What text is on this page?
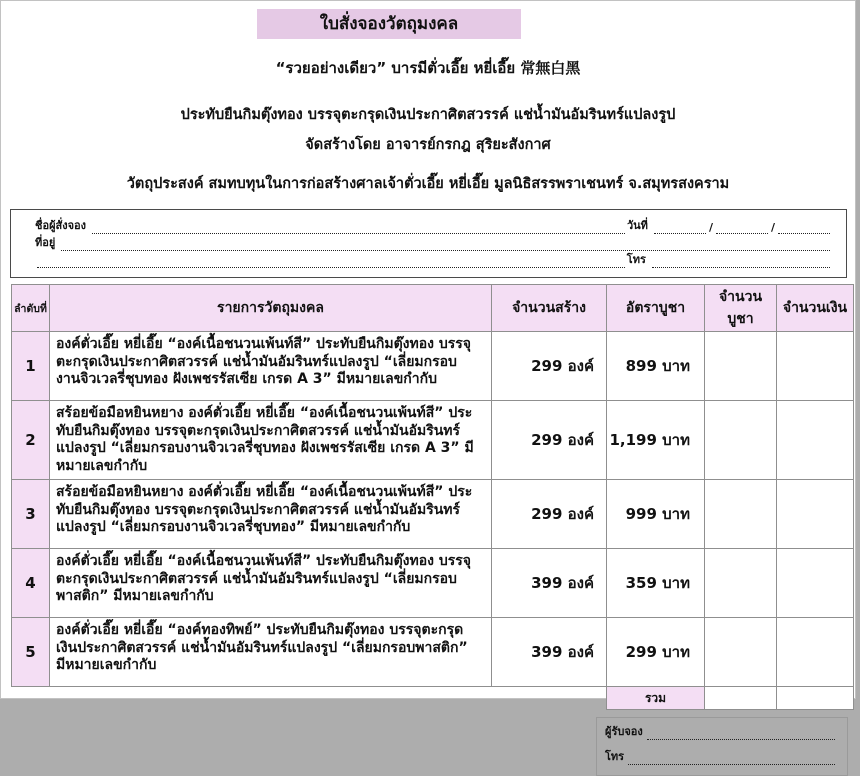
ใบสั่งจองวัตถุมงคล
“รวยอย่างเดียว” บารมีตั่วเอี๊ย หยี่เอี๊ย 常無白黑
ประทับยืนกิมตุ๊งทอง บรรจุตะกรุดเงินประกาศิตสวรรค์ แช่น้ำมันอัมรินทร์แปลงรูป
จัดสร้างโดย อาจารย์กรกฎ สุริยะสังกาศ
วัตถุประสงค์ สมทบทุนในการก่อสร้างศาลเจ้าตั่วเอี๊ย หยี่เอี๊ย มูลนิธิสรรพราเชนทร์ จ.สมุทรสงคราม
ชื่อผู้สั่งจอง	วันที่	/	/
ที่อยู่
โทร
ลำดับที่	รายการวัตถุมงคล	จำนวนสร้าง	อัตราบูชา	จำนวนบูชา	จำนวนเงิน
1	องค์ตั่วเอี๊ย หยี่เอี๊ย “องค์เนื้อชนวนเพ้นท์สี” ประทับยืนกิมตุ๊งทอง บรรจุตะกรุดเงินประกาศิตสวรรค์ แช่น้ำมันอัมรินทร์แปลงรูป “เลี่ยมกรอบงานจิวเวลรี่ชุบทอง ฝังเพชรรัสเซีย เกรด A 3” มีหมายเลขกำกับ	299 องค์	899 บาท		
2	สร้อยข้อมือหยินหยาง องค์ตั่วเอี๊ย หยี่เอี๊ย “องค์เนื้อชนวนเพ้นท์สี” ประทับยืนกิมตุ๊งทอง บรรจุตะกรุดเงินประกาศิตสวรรค์ แช่น้ำมันอัมรินทร์แปลงรูป “เลี่ยมกรอบงานจิวเวลรี่ชุบทอง ฝังเพชรรัสเซีย เกรด A 3” มีหมายเลขกำกับ	299 องค์	1,199 บาท		
3	สร้อยข้อมือหยินหยาง องค์ตั่วเอี๊ย หยี่เอี๊ย “องค์เนื้อชนวนเพ้นท์สี” ประทับยืนกิมตุ๊งทอง บรรจุตะกรุดเงินประกาศิตสวรรค์ แช่น้ำมันอัมรินทร์แปลงรูป “เลี่ยมกรอบงานจิวเวลรี่ชุบทอง” มีหมายเลขกำกับ	299 องค์	999 บาท		
4	องค์ตั่วเอี๊ย หยี่เอี๊ย “องค์เนื้อชนวนเพ้นท์สี” ประทับยืนกิมตุ๊งทอง บรรจุตะกรุดเงินประกาศิตสวรรค์ แช่น้ำมันอัมรินทร์แปลงรูป “เลี่ยมกรอบพาสติก” มีหมายเลขกำกับ	399 องค์	359 บาท		
5	องค์ตั่วเอี๊ย หยี่เอี๊ย “องค์ทองทิพย์” ประทับยืนกิมตุ๊งทอง บรรจุตะกรุดเงินประกาศิตสวรรค์ แช่น้ำมันอัมรินทร์แปลงรูป “เลี่ยมกรอบพาสติก” มีหมายเลขกำกับ	399 องค์	299 บาท		
			รวม		
ผู้รับจอง
โทร
